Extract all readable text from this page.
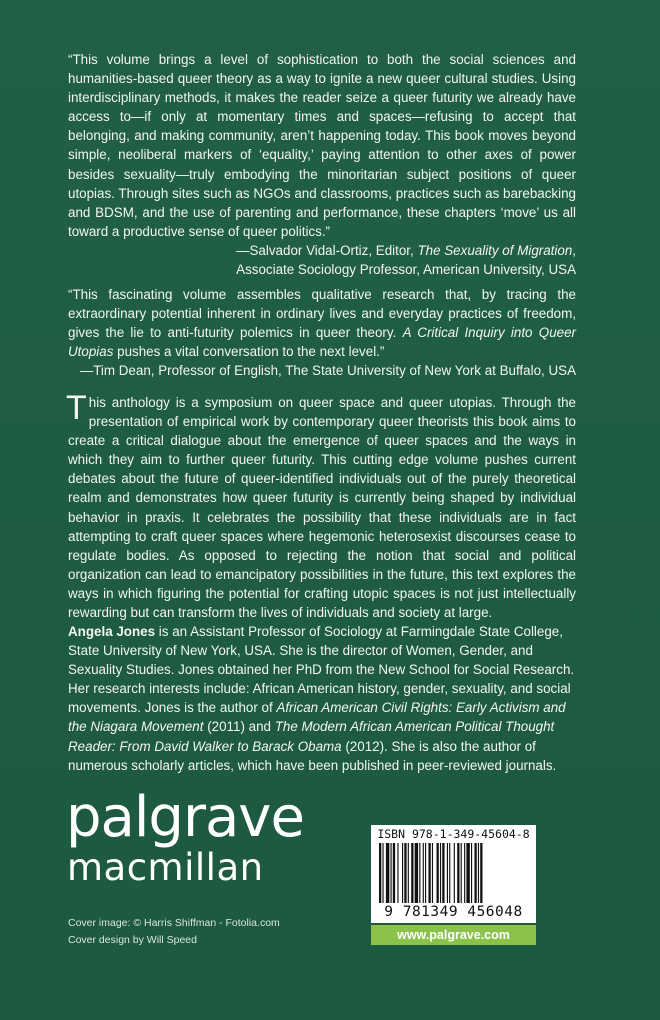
“This volume brings a level of sophistication to both the social sciences and humanities-based queer theory as a way to ignite a new queer cultural studies. Using interdisciplinary methods, it makes the reader seize a queer futurity we already have access to—if only at momentary times and spaces—refusing to accept that belonging, and making community, aren’t happening today. This book moves beyond simple, neoliberal markers of ‘equality,’ paying attention to other axes of power besides sexuality—truly embodying the minoritarian subject positions of queer utopias. Through sites such as NGOs and classrooms, practices such as barebacking and BDSM, and the use of parenting and performance, these chapters ‘move’ us all toward a productive sense of queer politics.”

—Salvador Vidal-Ortiz, Editor, The Sexuality of Migration,

Associate Sociology Professor, American University, USA

“This fascinating volume assembles qualitative research that, by tracing the extraordinary potential inherent in ordinary lives and everyday practices of freedom, gives the lie to anti-futurity polemics in queer theory. A Critical Inquiry into Queer Utopias pushes a vital conversation to the next level.”

—Tim Dean, Professor of English, The State University of New York at Buffalo, USA

This anthology is a symposium on queer space and queer utopias. Through the presentation of empirical work by contemporary queer theorists this book aims to create a critical dialogue about the emergence of queer spaces and the ways in which they aim to further queer futurity. This cutting edge volume pushes current debates about the future of queer-identified individuals out of the purely theoretical realm and demonstrates how queer futurity is currently being shaped by individual behavior in praxis. It celebrates the possibility that these individuals are in fact attempting to craft queer spaces where hegemonic heterosexist discourses cease to regulate bodies. As opposed to rejecting the notion that social and political organization can lead to emancipatory possibilities in the future, this text explores the ways in which figuring the potential for crafting utopic spaces is not just intellectually rewarding but can transform the lives of individuals and society at large.

Angela Jones is an Assistant Professor of Sociology at Farmingdale State College, State University of New York, USA. She is the director of Women, Gender, and Sexuality Studies. Jones obtained her PhD from the New School for Social Research. Her research interests include: African American history, gender, sexuality, and social movements. Jones is the author of African American Civil Rights: Early Activism and the Niagara Movement (2011) and The Modern African American Political Thought Reader: From David Walker to Barack Obama (2012). She is also the author of numerous scholarly articles, which have been published in peer-reviewed journals.

palgrave
macmillan
Cover image: © Harris Shiffman - Fotolia.com
Cover design by Will Speed
ISBN 978-1-349-45604-8
9 781349 456048
www.palgrave.com
